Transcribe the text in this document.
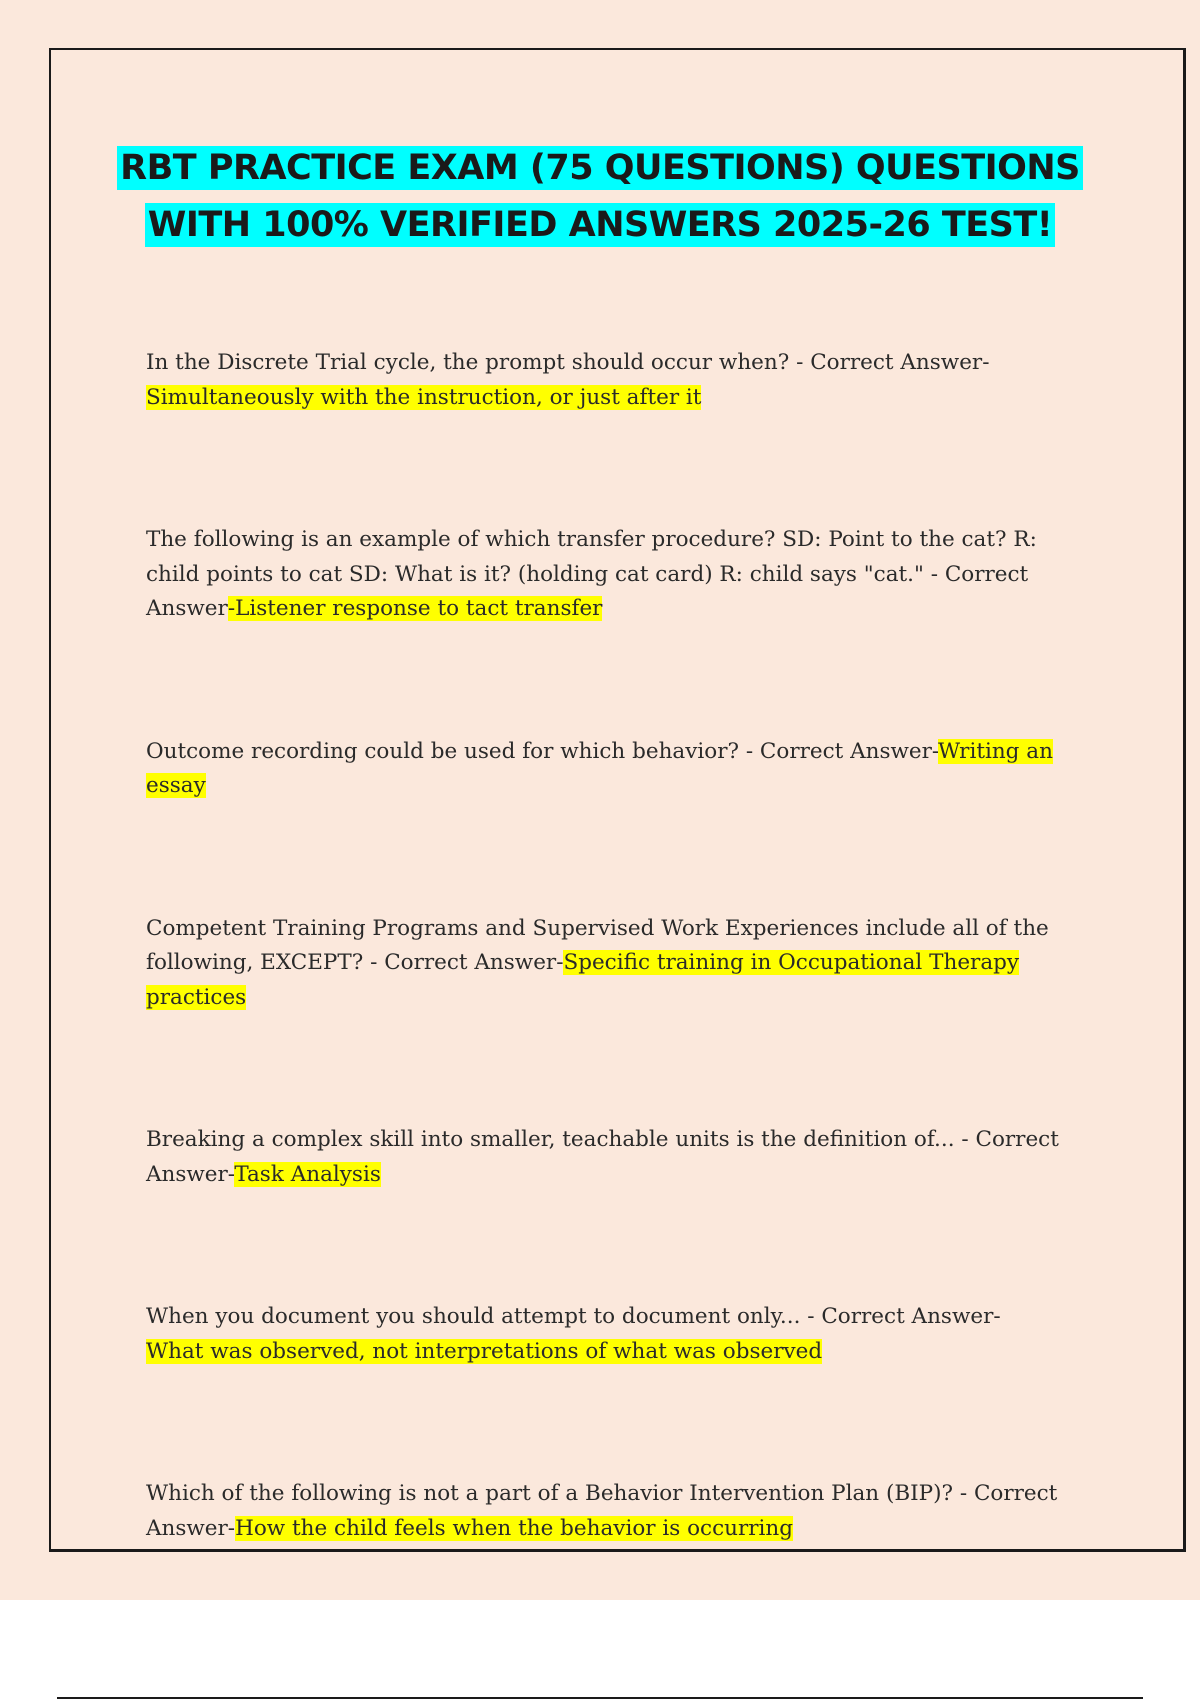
RBT PRACTICE EXAM (75 QUESTIONS) QUESTIONS
WITH 100% VERIFIED ANSWERS 2025-26 TEST!

In the Discrete Trial cycle, the prompt should occur when? - Correct Answer-
Simultaneously with the instruction, or just after it

The following is an example of which transfer procedure? SD: Point to the cat? R: child points to cat SD: What is it? (holding cat card) R: child says "cat." - Correct Answer-Listener response to tact transfer

Outcome recording could be used for which behavior? - Correct Answer-Writing an essay

Competent Training Programs and Supervised Work Experiences include all of the following, EXCEPT? - Correct Answer-Specific training in Occupational Therapy practices

Breaking a complex skill into smaller, teachable units is the definition of... - Correct Answer-Task Analysis

When you document you should attempt to document only... - Correct Answer-
What was observed, not interpretations of what was observed

Which of the following is not a part of a Behavior Intervention Plan (BIP)? - Correct Answer-How the child feels when the behavior is occurring
